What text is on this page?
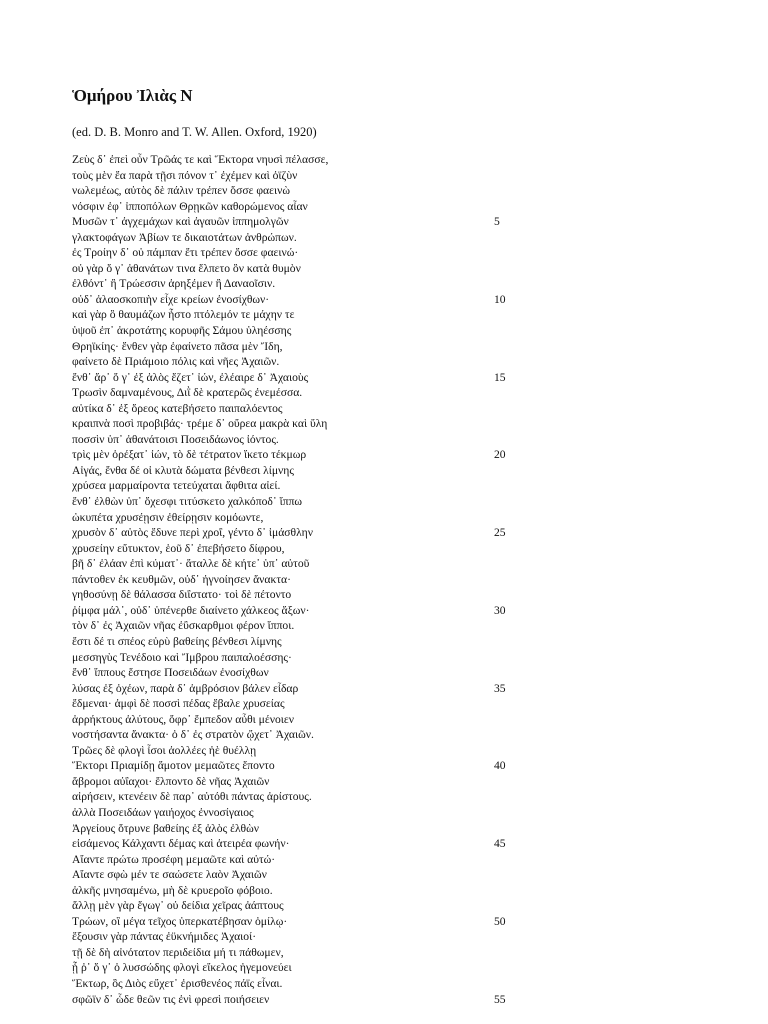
Ὁμήρου Ἰλιὰς N

(ed. D. B. Monro and T. W. Allen. Oxford, 1920)

Ζεὺς δ᾽ ἐπεὶ οὖν Τρῶάς τε καὶ Ἕκτορα νηυσὶ πέλασσε,
τοὺς μὲν ἔα παρὰ τῇσι πόνον τ᾽ ἐχέμεν καὶ ὀϊζὺν
νωλεμέως, αὐτὸς δὲ πάλιν τρέπεν ὄσσε φαεινὼ
νόσφιν ἐφ᾽ ἱπποπόλων Θρῃκῶν καθορώμενος αἶαν
Μυσῶν τ᾽ ἀγχεμάχων καὶ ἀγαυῶν ἱππημολγῶν	5
γλακτοφάγων Ἀβίων τε δικαιοτάτων ἀνθρώπων.
ἐς Τροίην δ᾽ οὐ πάμπαν ἔτι τρέπεν ὄσσε φαεινώ·
οὐ γὰρ ὅ γ᾽ ἀθανάτων τινα ἔλπετο ὃν κατὰ θυμὸν
ἐλθόντ᾽ ἢ Τρώεσσιν ἀρηξέμεν ἢ Δαναοῖσιν.
οὐδ᾽ ἀλαοσκοπιὴν εἶχε κρείων ἐνοσίχθων·	10
καὶ γὰρ ὃ θαυμάζων ἧστο πτόλεμόν τε μάχην τε
ὑψοῦ ἐπ᾽ ἀκροτάτης κορυφῆς Σάμου ὑληέσσης
Θρηϊκίης· ἔνθεν γὰρ ἐφαίνετο πᾶσα μὲν Ἴδη,
φαίνετο δὲ Πριάμοιο πόλις καὶ νῆες Ἀχαιῶν.
ἔνθ᾽ ἄρ᾽ ὅ γ᾽ ἐξ ἁλὸς ἕζετ᾽ ἰών, ἐλέαιρε δ᾽ Ἀχαιοὺς	15
Τρωσὶν δαμναμένους, Διῒ δὲ κρατερῶς ἐνεμέσσα.
αὐτίκα δ᾽ ἐξ ὄρεος κατεβήσετο παιπαλόεντος
κραιπνὰ ποσὶ προβιβάς· τρέμε δ᾽ οὔρεα μακρὰ καὶ ὕλη
ποσσὶν ὑπ᾽ ἀθανάτοισι Ποσειδάωνος ἰόντος.
τρὶς μὲν ὀρέξατ᾽ ἰών, τὸ δὲ τέτρατον ἵκετο τέκμωρ	20
Αἰγάς, ἔνθα δέ οἱ κλυτὰ δώματα βένθεσι λίμνης
χρύσεα μαρμαίροντα τετεύχαται ἄφθιτα αἰεί.
ἔνθ᾽ ἐλθὼν ὑπ᾽ ὄχεσφι τιτύσκετο χαλκόποδ᾽ ἵππω
ὠκυπέτα χρυσέῃσιν ἐθείρῃσιν κομόωντε,
χρυσὸν δ᾽ αὐτὸς ἔδυνε περὶ χροΐ, γέντο δ᾽ ἱμάσθλην	25
χρυσείην εὔτυκτον, ἑοῦ δ᾽ ἐπεβήσετο δίφρου,
βῆ δ᾽ ἐλάαν ἐπὶ κύματ᾽· ἄταλλε δὲ κήτε᾽ ὑπ᾽ αὐτοῦ
πάντοθεν ἐκ κευθμῶν, οὐδ᾽ ἠγνοίησεν ἄνακτα·
γηθοσύνῃ δὲ θάλασσα διΐστατο· τοὶ δὲ πέτοντο
ῥίμφα μάλ᾽, οὐδ᾽ ὑπένερθε διαίνετο χάλκεος ἄξων·	30
τὸν δ᾽ ἐς Ἀχαιῶν νῆας ἐΰσκαρθμοι φέρον ἵπποι.
ἔστι δέ τι σπέος εὐρὺ βαθείης βένθεσι λίμνης
μεσσηγὺς Τενέδοιο καὶ Ἴμβρου παιπαλοέσσης·
ἔνθ᾽ ἵππους ἔστησε Ποσειδάων ἐνοσίχθων
λύσας ἐξ ὀχέων, παρὰ δ᾽ ἀμβρόσιον βάλεν εἶδαρ	35
ἔδμεναι· ἀμφὶ δὲ ποσσὶ πέδας ἔβαλε χρυσείας
ἀρρήκτους ἀλύτους, ὄφρ᾽ ἔμπεδον αὖθι μένοιεν
νοστήσαντα ἄνακτα· ὁ δ᾽ ἐς στρατὸν ᾤχετ᾽ Ἀχαιῶν.
Τρῶες δὲ φλογὶ ἶσοι ἀολλέες ἠὲ θυέλλῃ
Ἕκτορι Πριαμίδῃ ἄμοτον μεμαῶτες ἕποντο	40
ἄβρομοι αὐΐαχοι· ἔλποντο δὲ νῆας Ἀχαιῶν
αἱρήσειν, κτενέειν δὲ παρ᾽ αὐτόθι πάντας ἀρίστους.
ἀλλὰ Ποσειδάων γαιήοχος ἐννοσίγαιος
Ἀργείους ὄτρυνε βαθείης ἐξ ἁλὸς ἐλθὼν
εἰσάμενος Κάλχαντι δέμας καὶ ἀτειρέα φωνήν·	45
Αἴαντε πρώτω προσέφη μεμαῶτε καὶ αὐτώ·
Αἴαντε σφὼ μέν τε σαώσετε λαὸν Ἀχαιῶν
ἀλκῆς μνησαμένω, μὴ δὲ κρυεροῖο φόβοιο.
ἄλλῃ μὲν γὰρ ἔγωγ᾽ οὐ δείδια χεῖρας ἀάπτους
Τρώων, οἳ μέγα τεῖχος ὑπερκατέβησαν ὁμίλῳ·	50
ἕξουσιν γὰρ πάντας ἐϋκνήμιδες Ἀχαιοί·
τῇ δὲ δὴ αἰνότατον περιδείδια μή τι πάθωμεν,
ᾗ ῥ᾽ ὅ γ᾽ ὁ λυσσώδης φλογὶ εἴκελος ἡγεμονεύει
Ἕκτωρ, ὃς Διὸς εὔχετ᾽ ἐρισθενέος πάϊς εἶναι.
σφῶϊν δ᾽ ὧδε θεῶν τις ἐνὶ φρεσὶ ποιήσειεν	55
